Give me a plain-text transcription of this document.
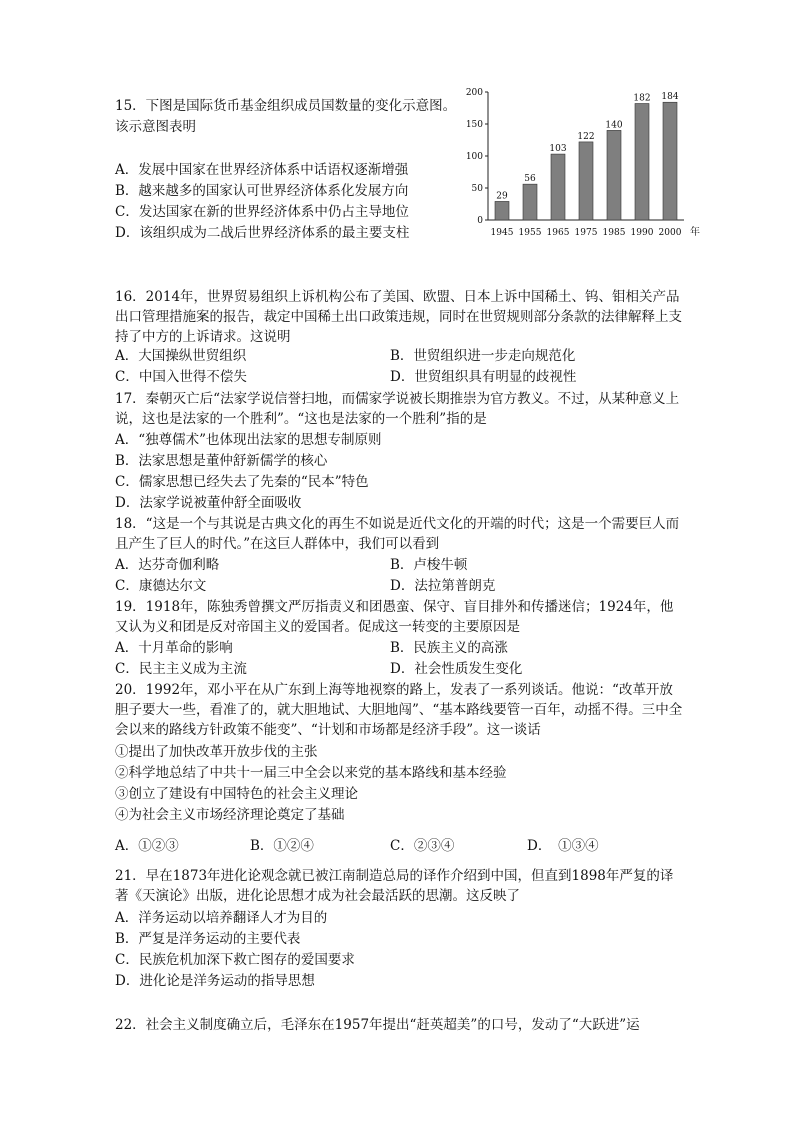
15．下图是国际货币基金组织成员国数量的变化示意图。
该示意图表明
A．发展中国家在世界经济体系中话语权逐渐增强
B．越来越多的国家认可世界经济体系化发展方向
C．发达国家在新的世界经济体系中仍占主导地位
D．该组织成为二战后世界经济体系的最主要支柱
0
50
100
150
200
29
1945
56
1955
103
1965
122
1975
140
1985
182
1990
184
2000 年
16．2014年，世界贸易组织上诉机构公布了美国、欧盟、日本上诉中国稀土、钨、钼相关产品出口管理措施案的报告，裁定中国稀土出口政策违规，同时在世贸规则部分条款的法律解释上支持了中方的上诉请求。这说明
A．大国操纵世贸组织	B．世贸组织进一步走向规范化
C．中国入世得不偿失	D．世贸组织具有明显的歧视性
17．秦朝灭亡后“法家学说信誉扫地，而儒家学说被长期推崇为官方教义。不过，从某种意义上说，这也是法家的一个胜利”。“这也是法家的一个胜利”指的是
A．“独尊儒术”也体现出法家的思想专制原则
B．法家思想是董仲舒新儒学的核心
C．儒家思想已经失去了先秦的“民本”特色
D．法家学说被董仲舒全面吸收
18．“这是一个与其说是古典文化的再生不如说是近代文化的开端的时代；这是一个需要巨人而且产生了巨人的时代。”在这巨人群体中，我们可以看到
A．达芬奇伽利略	B．卢梭牛顿
C．康德达尔文	D．法拉第普朗克
19．1918年，陈独秀曾撰文严厉指责义和团愚蛮、保守、盲目排外和传播迷信；1924年，他又认为义和团是反对帝国主义的爱国者。促成这一转变的主要原因是
A．十月革命的影响	B．民族主义的高涨
C．民主主义成为主流	D．社会性质发生变化
20．1992年，邓小平在从广东到上海等地视察的路上，发表了一系列谈话。他说：“改革开放胆子要大一些，看准了的，就大胆地试、大胆地闯”、“基本路线要管一百年，动摇不得。三中全会以来的路线方针政策不能变”、“计划和市场都是经济手段”。这一谈话
①提出了加快改革开放步伐的主张
②科学地总结了中共十一届三中全会以来党的基本路线和基本经验
③创立了建设有中国特色的社会主义理论
④为社会主义市场经济理论奠定了基础
A．①②③	B．①②④	C．②③④	D．　①③④
21．早在1873年进化论观念就已被江南制造总局的译作介绍到中国，但直到1898年严复的译著《天演论》出版，进化论思想才成为社会最活跃的思潮。这反映了
A．洋务运动以培养翻译人才为目的
B．严复是洋务运动的主要代表
C．民族危机加深下救亡图存的爱国要求
D．进化论是洋务运动的指导思想
22．社会主义制度确立后，毛泽东在1957年提出“赶英超美”的口号，发动了“大跃进”运
